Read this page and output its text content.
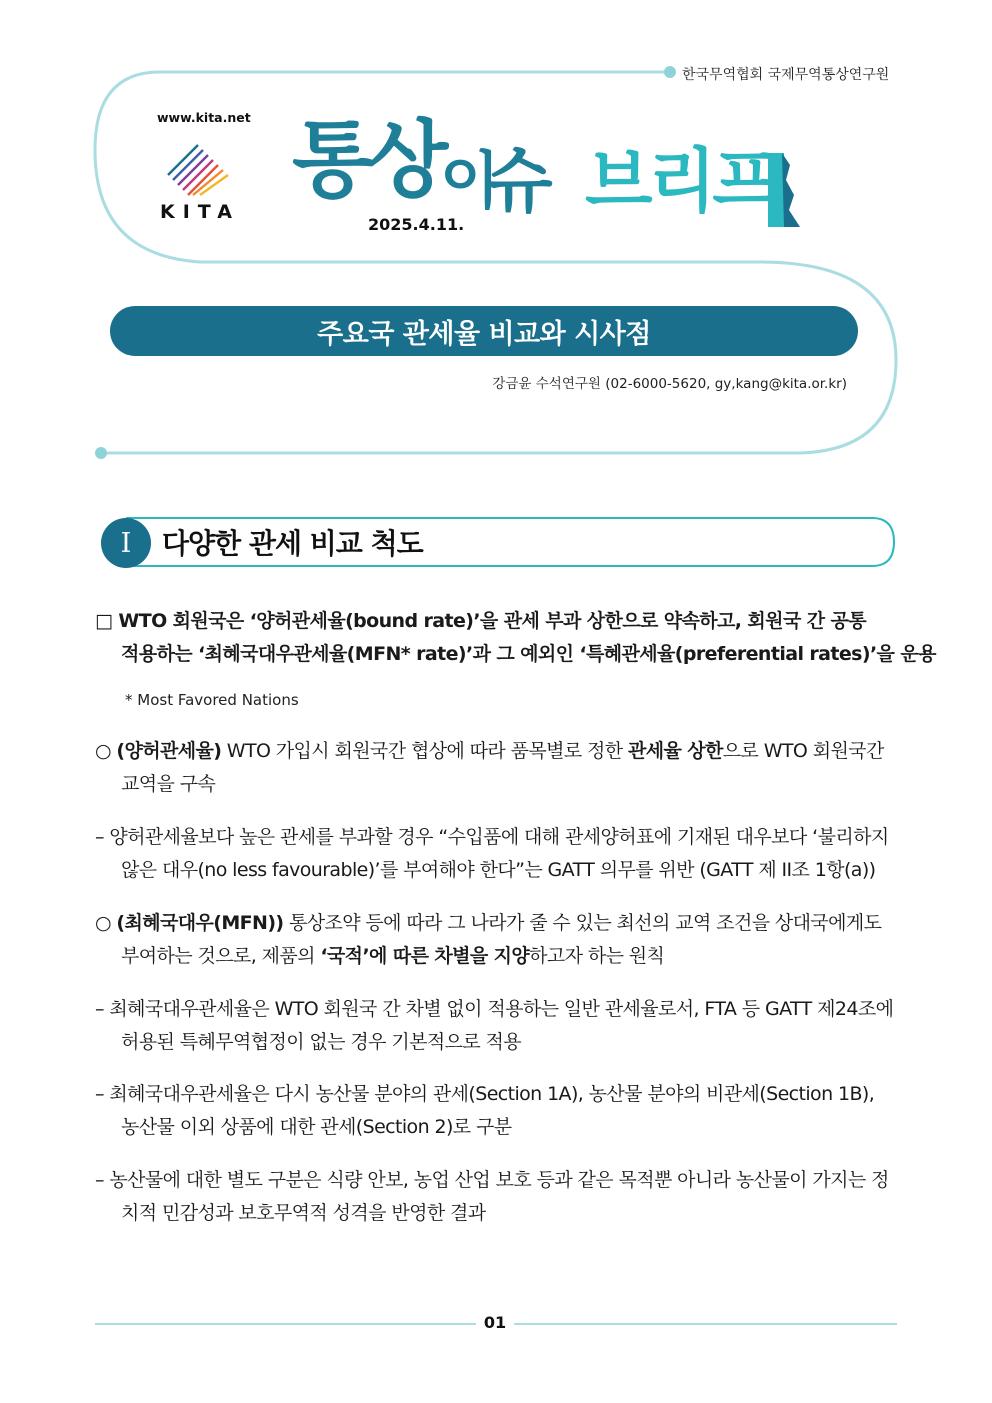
한국무역협회 국제무역통상연구원
www.kita.net
KITA
통상
이
슈 브리프
2025.4.11.
주요국 관세율 비교와 시사점
강금윤 수석연구원 (02-6000-5620, gy,kang@kita.or.kr)
I 다양한 관세 비교 척도
□ WTO 회원국은 ‘양허관세율(bound rate)’을 관세 부과 상한으로 약속하고, 회원국 간 공통
적용하는 ‘최혜국대우관세율(MFN* rate)’과 그 예외인 ‘특혜관세율(preferential rates)’을 운용
* Most Favored Nations
○ (양허관세율) WTO 가입시 회원국간 협상에 따라 품목별로 정한 관세율 상한으로 WTO 회원국간 교역을 구속
– 양허관세율보다 높은 관세를 부과할 경우 “수입품에 대해 관세양허표에 기재된 대우보다 ‘불리하지 않은 대우(no less favourable)’를 부여해야 한다”는 GATT 의무를 위반 (GATT 제 II조 1항(a))
○ (최혜국대우(MFN)) 통상조약 등에 따라 그 나라가 줄 수 있는 최선의 교역 조건을 상대국에게도 부여하는 것으로, 제품의 ‘국적’에 따른 차별을 지양하고자 하는 원칙
– 최혜국대우관세율은 WTO 회원국 간 차별 없이 적용하는 일반 관세율로서, FTA 등 GATT 제24조에 허용된 특혜무역협정이 없는 경우 기본적으로 적용
– 최혜국대우관세율은 다시 농산물 분야의 관세(Section 1A), 농산물 분야의 비관세(Section 1B), 농산물 이외 상품에 대한 관세(Section 2)로 구분
– 농산물에 대한 별도 구분은 식량 안보, 농업 산업 보호 등과 같은 목적뿐 아니라 농산물이 가지는 정치적 민감성과 보호무역적 성격을 반영한 결과
01
